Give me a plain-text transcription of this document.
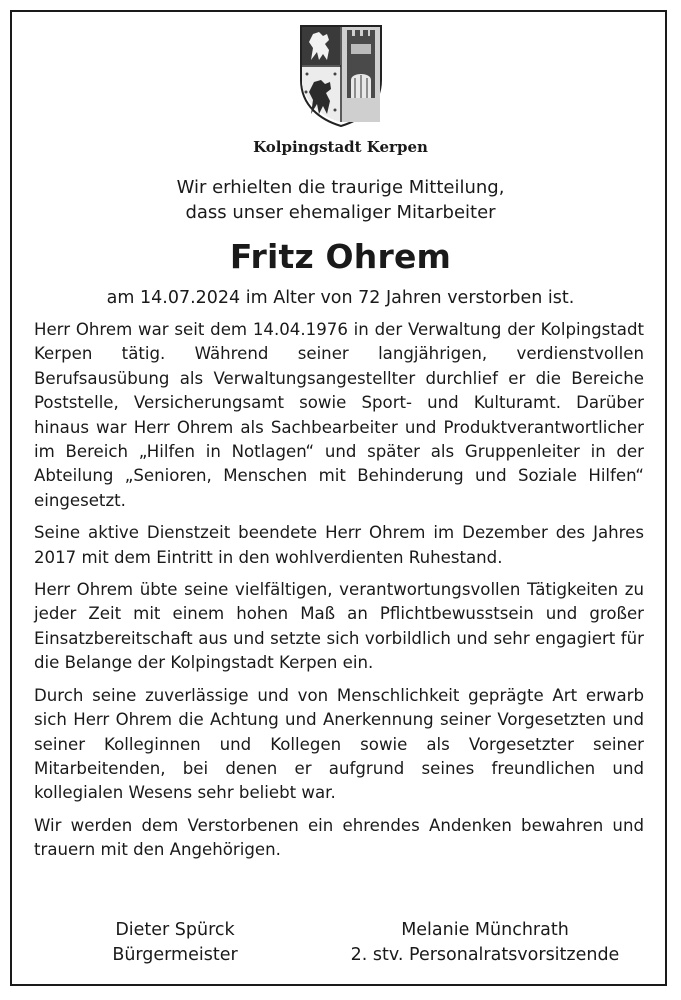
Kolpingstadt Kerpen
Wir erhielten die traurige Mitteilung,
dass unser ehemaliger Mitarbeiter
Fritz Ohrem
am 14.07.2024 im Alter von 72 Jahren verstorben ist.

Herr Ohrem war seit dem 14.04.1976 in der Verwaltung der Kolpingstadt Kerpen tätig. Während seiner langjährigen, verdienstvollen Berufsausübung als Verwaltungsangestellter durchlief er die Bereiche Poststelle, Versicherungsamt sowie Sport- und Kulturamt. Darüber hinaus war Herr Ohrem als Sachbearbeiter und Produktverantwortlicher im Bereich „Hilfen in Notlagen“ und später als Gruppenleiter in der Abteilung „Senioren, Menschen mit Behinderung und Soziale Hilfen“ eingesetzt.

Seine aktive Dienstzeit beendete Herr Ohrem im Dezember des Jahres 2017 mit dem Eintritt in den wohlverdienten Ruhestand.

Herr Ohrem übte seine vielfältigen, verantwortungsvollen Tätigkeiten zu jeder Zeit mit einem hohen Maß an Pflichtbewusstsein und großer Einsatzbereitschaft aus und setzte sich vorbildlich und sehr engagiert für die Belange der Kolpingstadt Kerpen ein.

Durch seine zuverlässige und von Menschlichkeit geprägte Art erwarb sich Herr Ohrem die Achtung und Anerkennung seiner Vorgesetzten und seiner Kolleginnen und Kollegen sowie als Vorgesetzter seiner Mitarbeitenden, bei denen er aufgrund seines freundlichen und kollegialen Wesens sehr beliebt war.

Wir werden dem Verstorbenen ein ehrendes Andenken bewahren und trauern mit den Angehörigen.

Dieter Spürck
Bürgermeister
Melanie Münchrath
2. stv. Personalratsvorsitzende
